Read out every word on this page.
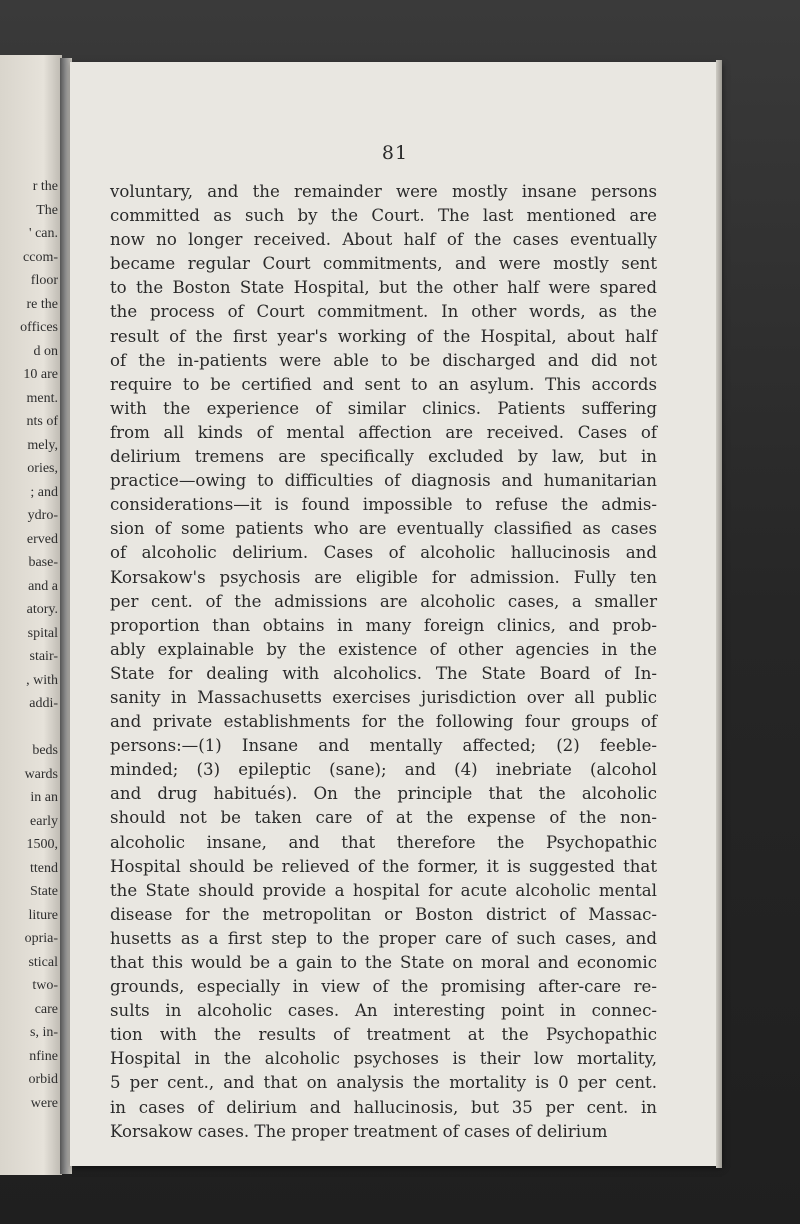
r the
The
' can.
ccom-
floor
re the
offices
d on
10 are
ment.
nts of
mely,
ories,
; and
ydro-
erved
base-
and a
atory.
spital
stair-
, with
addi-

beds
wards
in an
early
1500,
ttend
State
liture
opria-
stical
two-
care
s, in-
nfine
orbid
were
81
voluntary, and the remainder were mostly insane persons
committed as such by the Court. The last mentioned are
now no longer received. About half of the cases eventually
became regular Court commitments, and were mostly sent
to the Boston State Hospital, but the other half were spared
the process of Court commitment. In other words, as the
result of the first year's working of the Hospital, about half
of the in-patients were able to be discharged and did not
require to be certified and sent to an asylum. This accords
with the experience of similar clinics. Patients suffering
from all kinds of mental affection are received. Cases of
delirium tremens are specifically excluded by law, but in
practice—owing to difficulties of diagnosis and humanitarian
considerations—it is found impossible to refuse the admis-
sion of some patients who are eventually classified as cases
of alcoholic delirium. Cases of alcoholic hallucinosis and
Korsakow's psychosis are eligible for admission. Fully ten
per cent. of the admissions are alcoholic cases, a smaller
proportion than obtains in many foreign clinics, and prob-
ably explainable by the existence of other agencies in the
State for dealing with alcoholics. The State Board of In-
sanity in Massachusetts exercises jurisdiction over all public
and private establishments for the following four groups of
persons:—(1) Insane and mentally affected; (2) feeble-
minded; (3) epileptic (sane); and (4) inebriate (alcohol
and drug habitués). On the principle that the alcoholic
should not be taken care of at the expense of the non-
alcoholic insane, and that therefore the Psychopathic
Hospital should be relieved of the former, it is suggested that
the State should provide a hospital for acute alcoholic mental
disease for the metropolitan or Boston district of Massac-
husetts as a first step to the proper care of such cases, and
that this would be a gain to the State on moral and economic
grounds, especially in view of the promising after-care re-
sults in alcoholic cases. An interesting point in connec-
tion with the results of treatment at the Psychopathic
Hospital in the alcoholic psychoses is their low mortality,
5 per cent., and that on analysis the mortality is 0 per cent.
in cases of delirium and hallucinosis, but 35 per cent. in
Korsakow cases. The proper treatment of cases of delirium
